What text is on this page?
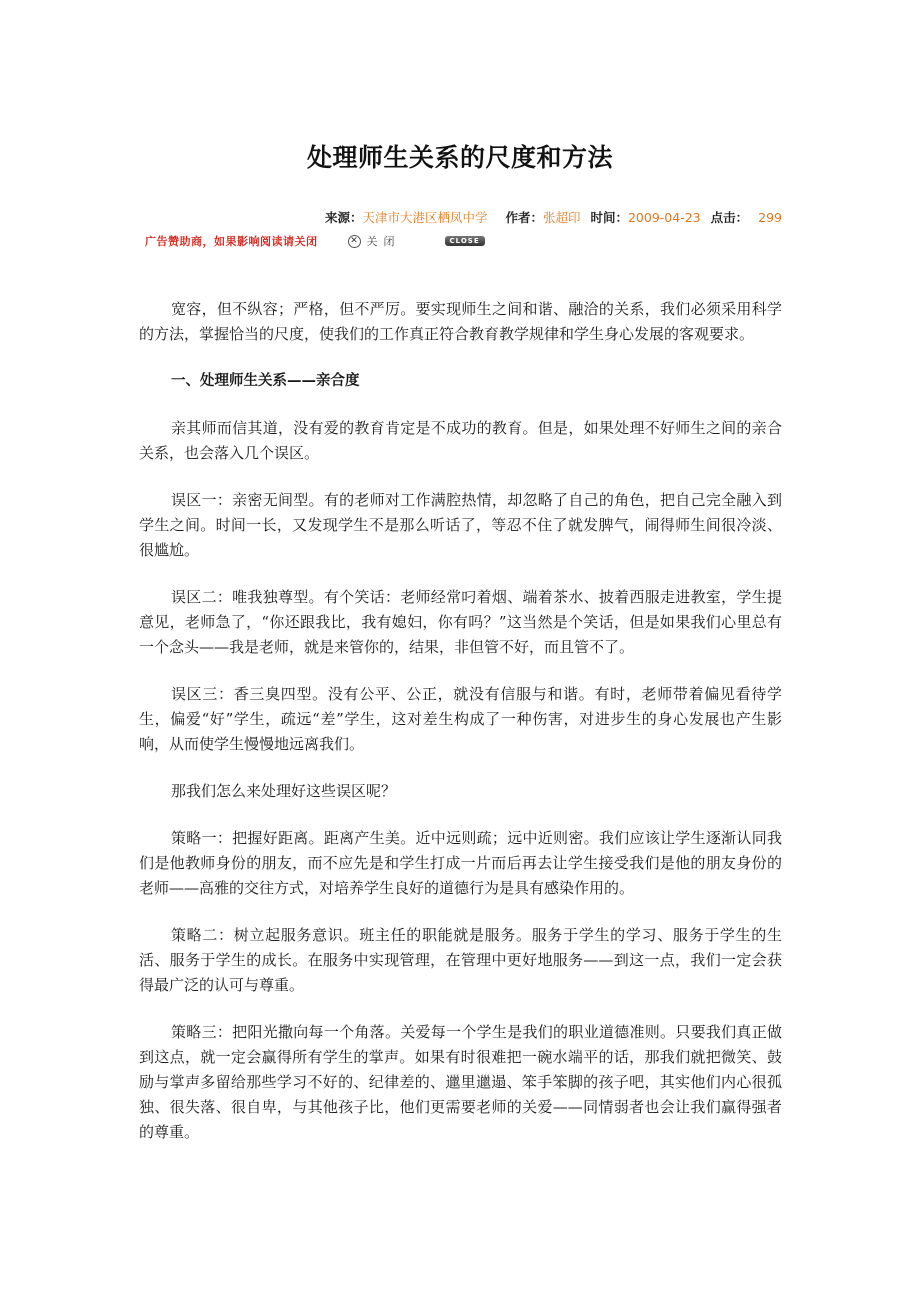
处理师生关系的尺度和方法
来源：天津市大港区栖凤中学 作者：张超印 时间：2009-04-23 点击： 299
广告赞助商，如果影响阅读请关闭	✕ 关闭	CLOSE

宽容，但不纵容；严格，但不严厉。要实现师生之间和谐、融洽的关系，我们必须采用科学的方法，掌握恰当的尺度，使我们的工作真正符合教育教学规律和学生身心发展的客观要求。

一、处理师生关系——亲合度

亲其师而信其道，没有爱的教育肯定是不成功的教育。但是，如果处理不好师生之间的亲合关系，也会落入几个误区。

误区一：亲密无间型。有的老师对工作满腔热情，却忽略了自己的角色，把自己完全融入到学生之间。时间一长，又发现学生不是那么听话了，等忍不住了就发脾气，闹得师生间很冷淡、很尴尬。

误区二：唯我独尊型。有个笑话：老师经常叼着烟、端着茶水、披着西服走进教室，学生提意见，老师急了，“你还跟我比，我有媳妇，你有吗？”这当然是个笑话，但是如果我们心里总有一个念头——我是老师，就是来管你的，结果，非但管不好，而且管不了。

误区三：香三臭四型。没有公平、公正，就没有信服与和谐。有时，老师带着偏见看待学生，偏爱“好”学生，疏远“差”学生，这对差生构成了一种伤害，对进步生的身心发展也产生影响，从而使学生慢慢地远离我们。

那我们怎么来处理好这些误区呢？

策略一：把握好距离。距离产生美。近中远则疏；远中近则密。我们应该让学生逐渐认同我们是他教师身份的朋友，而不应先是和学生打成一片而后再去让学生接受我们是他的朋友身份的老师——高雅的交往方式，对培养学生良好的道德行为是具有感染作用的。

策略二：树立起服务意识。班主任的职能就是服务。服务于学生的学习、服务于学生的生活、服务于学生的成长。在服务中实现管理，在管理中更好地服务——到这一点，我们一定会获得最广泛的认可与尊重。

策略三：把阳光撒向每一个角落。关爱每一个学生是我们的职业道德准则。只要我们真正做到这点，就一定会赢得所有学生的掌声。如果有时很难把一碗水端平的话，那我们就把微笑、鼓励与掌声多留给那些学习不好的、纪律差的、邋里邋遢、笨手笨脚的孩子吧，其实他们内心很孤独、很失落、很自卑，与其他孩子比，他们更需要老师的关爱——同情弱者也会让我们赢得强者的尊重。
